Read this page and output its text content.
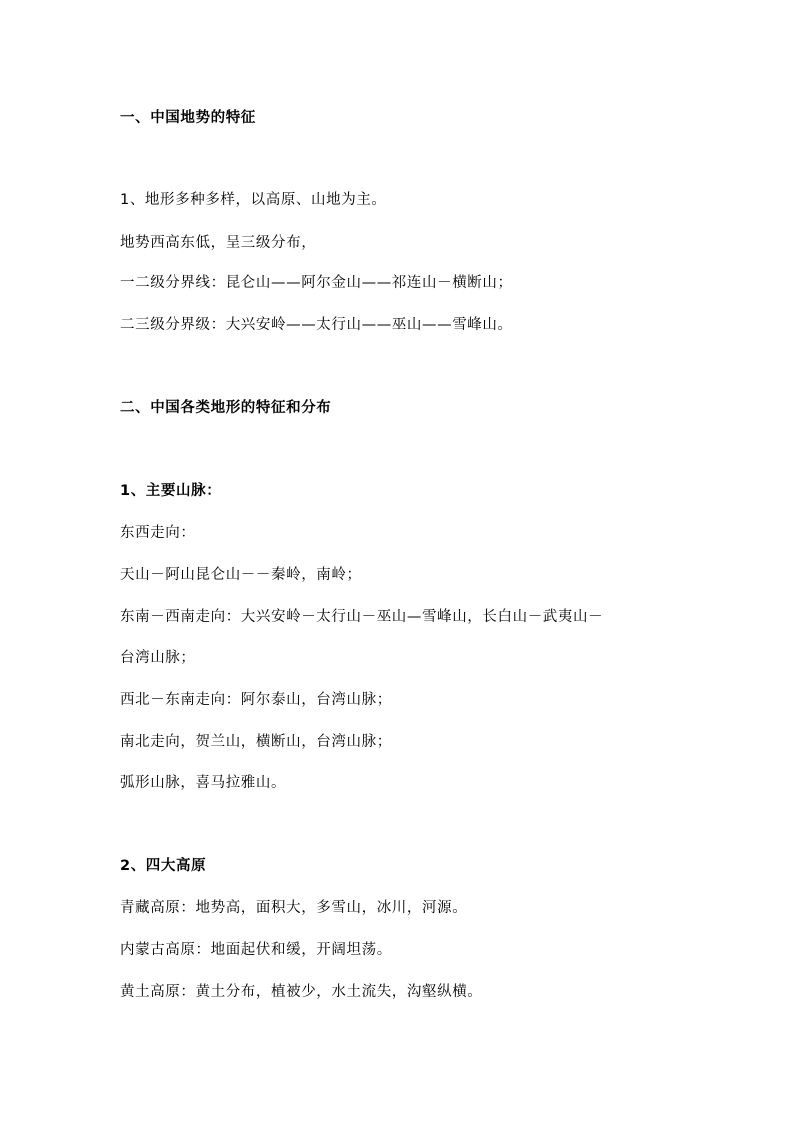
一、中国地势的特征
1、地形多种多样，以高原、山地为主。
地势西高东低，呈三级分布，
一二级分界线：昆仑山——阿尔金山——祁连山－横断山；
二三级分界级：大兴安岭——太行山——巫山——雪峰山。
二、中国各类地形的特征和分布
1、主要山脉：
东西走向：
天山－阿山昆仑山－－秦岭，南岭；
东南－西南走向：大兴安岭－太行山－巫山—雪峰山，长白山－武夷山－
台湾山脉；
西北－东南走向：阿尔泰山，台湾山脉；
南北走向，贺兰山，横断山，台湾山脉；
弧形山脉，喜马拉雅山。
2、四大高原
青藏高原：地势高，面积大，多雪山，冰川，河源。
内蒙古高原：地面起伏和缓，开阔坦荡。
黄土高原：黄土分布，植被少，水土流失，沟壑纵横。
